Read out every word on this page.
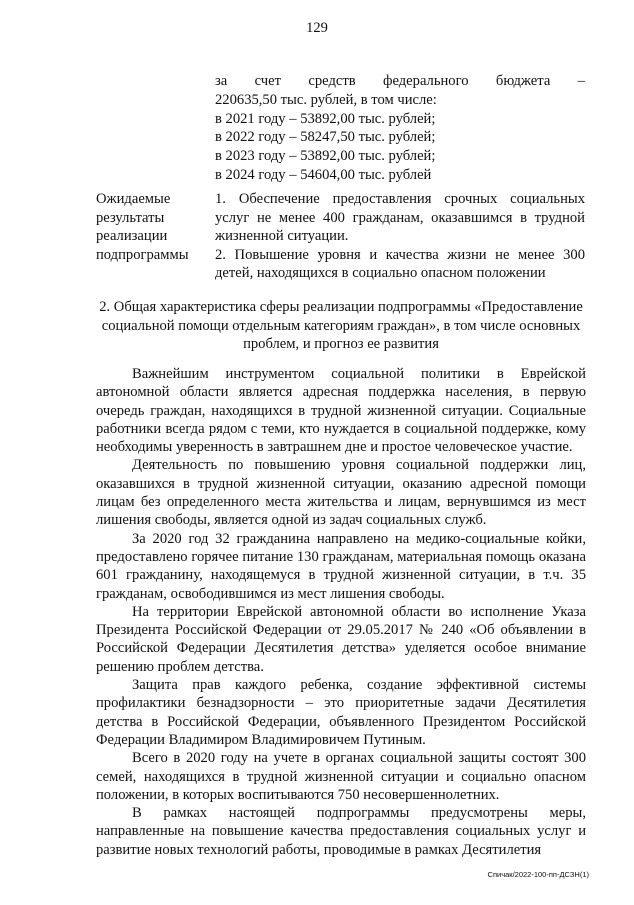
129
за счет средств федерального бюджета –
220635,50 тыс. рублей, в том числе:
в 2021 году – 53892,00 тыс. рублей;
в 2022 году – 58247,50 тыс. рублей;
в 2023 году – 53892,00 тыс. рублей;
в 2024 году – 54604,00 тыс. рублей
Ожидаемые результаты реализации подпрограммы
1. Обеспечение предоставления срочных социальных услуг не менее 400 гражданам, оказавшимся в трудной жизненной ситуации.
2. Повышение уровня и качества жизни не менее 300 детей, находящихся в социально опасном положении
2. Общая характеристика сферы реализации подпрограммы «Предоставление социальной помощи отдельным категориям граждан», в том числе основных проблем, и прогноз ее развития

Важнейшим инструментом социальной политики в Еврейской автономной области является адресная поддержка населения, в первую очередь граждан, находящихся в трудной жизненной ситуации. Социальные работники всегда рядом с теми, кто нуждается в социальной поддержке, кому необходимы уверенность в завтрашнем дне и простое человеческое участие.

Деятельность по повышению уровня социальной поддержки лиц, оказавшихся в трудной жизненной ситуации, оказанию адресной помощи лицам без определенного места жительства и лицам, вернувшимся из мест лишения свободы, является одной из задач социальных служб.

За 2020 год 32 гражданина направлено на медико-социальные койки, предоставлено горячее питание 130 гражданам, материальная помощь оказана 601 гражданину, находящемуся в трудной жизненной ситуации, в т.ч. 35 гражданам, освободившимся из мест лишения свободы.

На территории Еврейской автономной области во исполнение Указа Президента Российской Федерации от 29.05.2017 № 240 «Об объявлении в Российской Федерации Десятилетия детства» уделяется особое внимание решению проблем детства.

Защита прав каждого ребенка, создание эффективной системы профилактики безнадзорности – это приоритетные задачи Десятилетия детства в Российской Федерации, объявленного Президентом Российской Федерации Владимиром Владимировичем Путиным.

Всего в 2020 году на учете в органах социальной защиты состоят 300 семей, находящихся в трудной жизненной ситуации и социально опасном положении, в которых воспитываются 750 несовершеннолетних.

В рамках настоящей подпрограммы предусмотрены меры, направленные на повышение качества предоставления социальных услуг и развитие новых технологий работы, проводимые в рамках Десятилетия

Спичак/2022-100-пп-ДСЗН(1)
